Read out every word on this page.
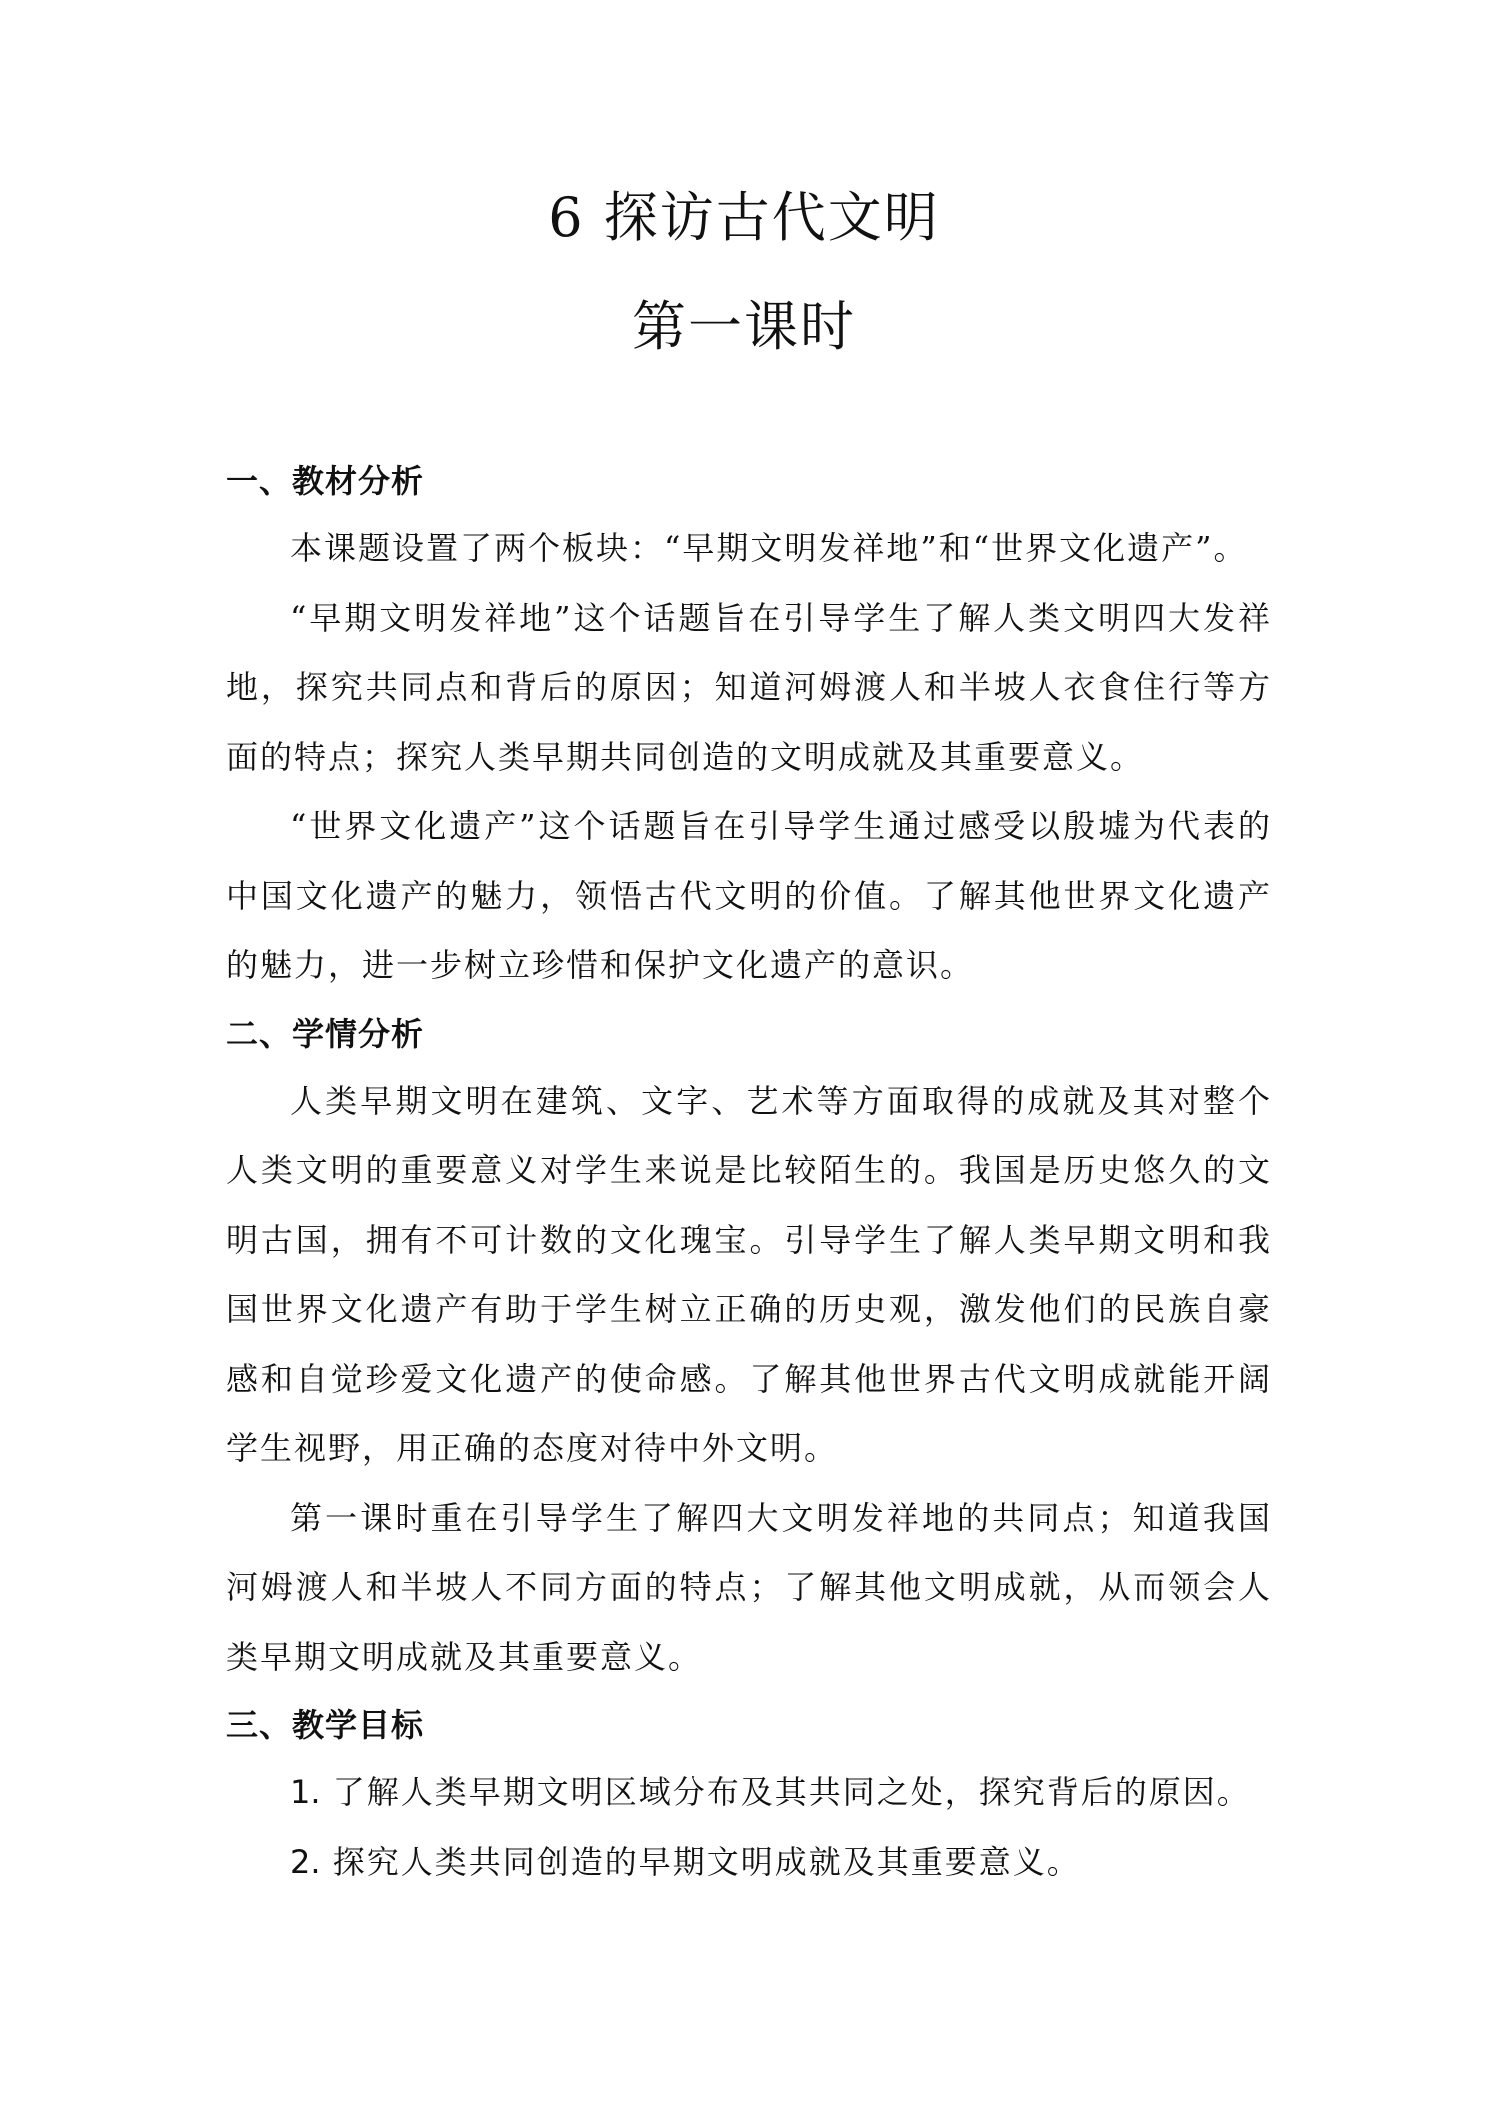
6 探访古代文明
第一课时
一、教材分析

本课题设置了两个板块：“早期文明发祥地”和“世界文化遗产”。

“早期文明发祥地”这个话题旨在引导学生了解人类文明四大发祥地，探究共同点和背后的原因；知道河姆渡人和半坡人衣食住行等方面的特点；探究人类早期共同创造的文明成就及其重要意义。

“世界文化遗产”这个话题旨在引导学生通过感受以殷墟为代表的中国文化遗产的魅力，领悟古代文明的价值。了解其他世界文化遗产的魅力，进一步树立珍惜和保护文化遗产的意识。

二、学情分析

人类早期文明在建筑、文字、艺术等方面取得的成就及其对整个人类文明的重要意义对学生来说是比较陌生的。我国是历史悠久的文明古国，拥有不可计数的文化瑰宝。引导学生了解人类早期文明和我国世界文化遗产有助于学生树立正确的历史观，激发他们的民族自豪感和自觉珍爱文化遗产的使命感。了解其他世界古代文明成就能开阔学生视野，用正确的态度对待中外文明。

第一课时重在引导学生了解四大文明发祥地的共同点；知道我国河姆渡人和半坡人不同方面的特点；了解其他文明成就，从而领会人类早期文明成就及其重要意义。

三、教学目标

1. 了解人类早期文明区域分布及其共同之处，探究背后的原因。

2. 探究人类共同创造的早期文明成就及其重要意义。
